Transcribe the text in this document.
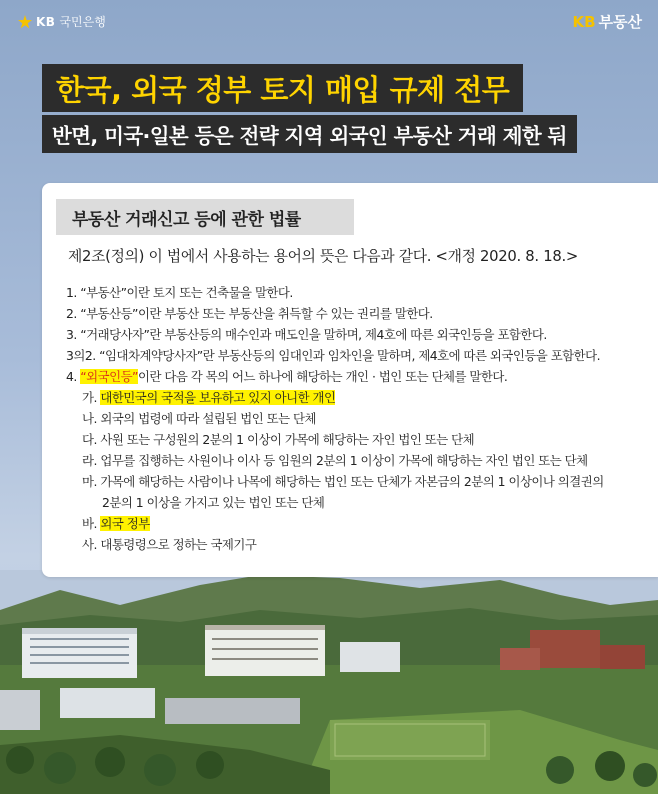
KB 국민은행	KB 부동산
한국, 외국 정부 토지 매입 규제 전무
반면, 미국·일본 등은 전략 지역 외국인 부동산 거래 제한 둬
부동산 거래신고 등에 관한 법률
제2조(정의) 이 법에서 사용하는 용어의 뜻은 다음과 같다. <개정 2020. 8. 18.>
1. “부동산”이란 토지 또는 건축물을 말한다.
2. “부동산등”이란 부동산 또는 부동산을 취득할 수 있는 권리를 말한다.
3. “거래당사자”란 부동산등의 매수인과 매도인을 말하며, 제4호에 따른 외국인등을 포함한다.
3의2. “임대차계약당사자”란 부동산등의 임대인과 임차인을 말하며, 제4호에 따른 외국인등을 포함한다.
4. “외국인등”이란 다음 각 목의 어느 하나에 해당하는 개인 · 법인 또는 단체를 말한다.
가. 대한민국의 국적을 보유하고 있지 아니한 개인
나. 외국의 법령에 따라 설립된 법인 또는 단체
다. 사원 또는 구성원의 2분의 1 이상이 가목에 해당하는 자인 법인 또는 단체
라. 업무를 집행하는 사원이나 이사 등 임원의 2분의 1 이상이 가목에 해당하는 자인 법인 또는 단체
마. 가목에 해당하는 사람이나 나목에 해당하는 법인 또는 단체가 자본금의 2분의 1 이상이나 의결권의
2분의 1 이상을 가지고 있는 법인 또는 단체
바. 외국 정부
사. 대통령령으로 정하는 국제기구
